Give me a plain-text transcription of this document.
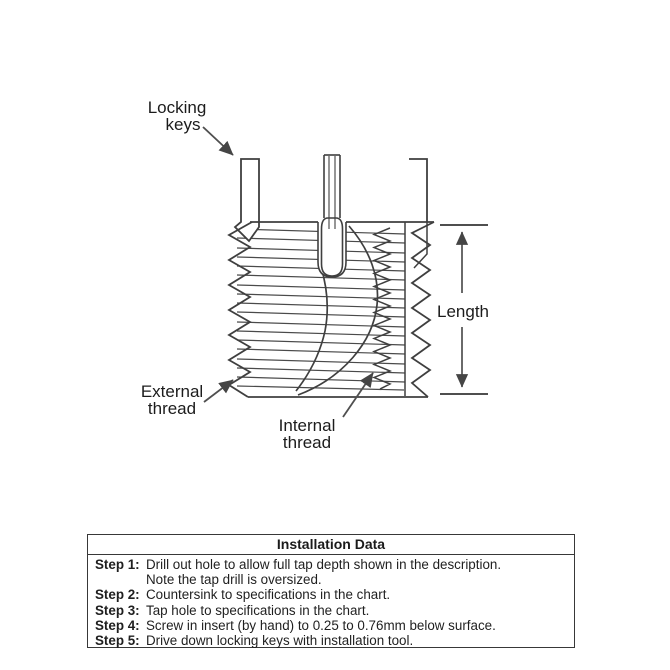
Length
Locking
keys
External
thread
Internal
thread
Installation Data
Step 1: Drill out hole to allow full tap depth shown in the description.
Note the tap drill is oversized.
Step 2: Countersink to specifications in the chart.
Step 3: Tap hole to specifications in the chart.
Step 4: Screw in insert (by hand) to 0.25 to 0.76mm below surface.
Step 5: Drive down locking keys with installation tool.
